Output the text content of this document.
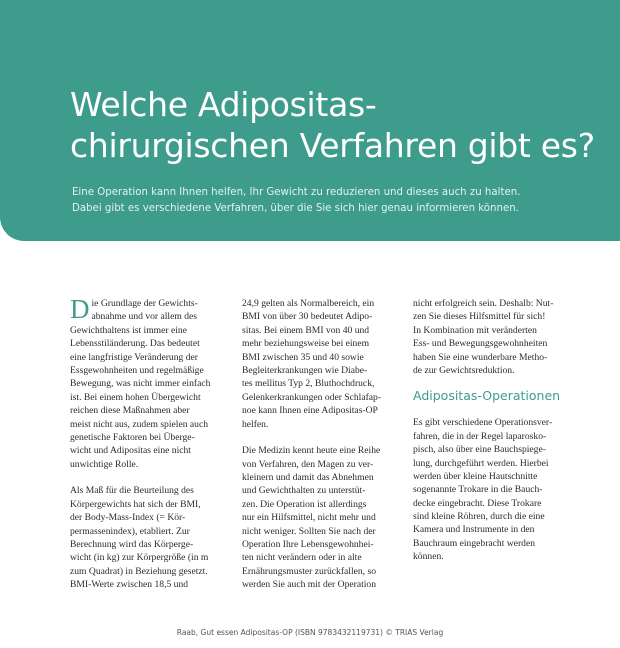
Welche Adipositas-
chirurgischen Verfahren gibt es?
Eine Operation kann Ihnen helfen, Ihr Gewicht zu reduzieren und dieses auch zu halten.
Dabei gibt es verschiedene Verfahren, über die Sie sich hier genau informieren können.
D ie Grundlage der Gewichts-
abnahme und vor allem des
Gewichthaltens ist immer eine
Lebensstiländerung. Das bedeutet
eine langfristige Veränderung der
Essgewohnheiten und regelmäßige
Bewegung, was nicht immer einfach
ist. Bei einem hohen Übergewicht
reichen diese Maßnahmen aber
meist nicht aus, zudem spielen auch
genetische Faktoren bei Überge-
wicht und Adipositas eine nicht
unwichtige Rolle.
Als Maß für die Beurteilung des
Körpergewichts hat sich der BMI,
der Body-Mass-Index (= Kör-
permassenindex), etabliert. Zur
Berechnung wird das Körperge-
wicht (in kg) zur Körpergröße (in m
zum Quadrat) in Beziehung gesetzt.
BMI-Werte zwischen 18,5 und
24,9 gelten als Normalbereich, ein
BMI von über 30 bedeutet Adipo-
sitas. Bei einem BMI von 40 und
mehr beziehungsweise bei einem
BMI zwischen 35 und 40 sowie
Begleiterkrankungen wie Diabe-
tes mellitus Typ 2, Bluthochdruck,
Gelenkerkrankungen oder Schlafap-
noe kann Ihnen eine Adipositas-OP
helfen.
Die Medizin kennt heute eine Reihe
von Verfahren, den Magen zu ver-
kleinern und damit das Abnehmen
und Gewichthalten zu unterstüt-
zen. Die Operation ist allerdings
nur ein Hilfsmittel, nicht mehr und
nicht weniger. Sollten Sie nach der
Operation Ihre Lebensgewohnhei-
ten nicht verändern oder in alte
Ernährungsmuster zurückfallen, so
werden Sie auch mit der Operation
nicht erfolgreich sein. Deshalb: Nut-
zen Sie dieses Hilfsmittel für sich!
In Kombination mit veränderten
Ess- und Bewegungsgewohnheiten
haben Sie eine wunderbare Metho-
de zur Gewichtsreduktion.
Adipositas-Operationen
Es gibt verschiedene Operationsver-
fahren, die in der Regel laparosko-
pisch, also über eine Bauchspiege-
lung, durchgeführt werden. Hierbei
werden über kleine Hautschnitte
sogenannte Trokare in die Bauch-
decke eingebracht. Diese Trokare
sind kleine Röhren, durch die eine
Kamera und Instrumente in den
Bauchraum eingebracht werden
können.
Raab, Gut essen Adipositas-OP (ISBN 9783432119731) © TRIAS Verlag
